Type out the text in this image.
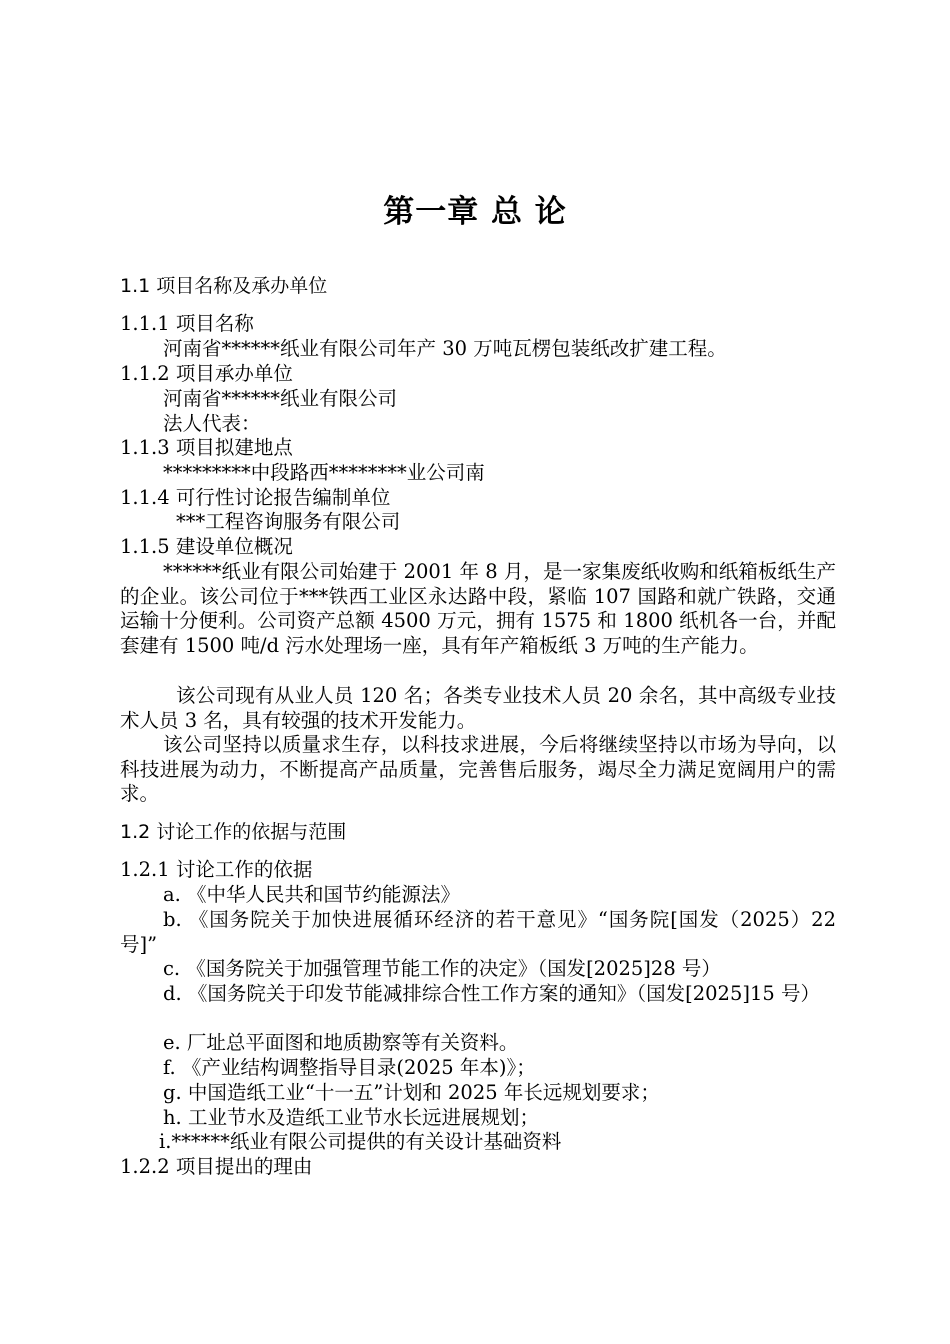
第一章 总 论
1.1 项目名称及承办单位
1.1.1 项目名称
河南省******纸业有限公司年产 30 万吨瓦楞包装纸改扩建工程。
1.1.2 项目承办单位
河南省******纸业有限公司
法人代表：
1.1.3 项目拟建地点
*********中段路西********业公司南
1.1.4 可行性讨论报告编制单位
***工程咨询服务有限公司
1.1.5 建设单位概况
******纸业有限公司始建于 2001 年 8 月，是一家集废纸收购和纸箱板纸生产的企业。该公司位于***铁西工业区永达路中段，紧临 107 国路和就广铁路，交通运输十分便利。公司资产总额 4500 万元，拥有 1575 和 1800 纸机各一台，并配套建有 1500 吨/d 污水处理场一座，具有年产箱板纸 3 万吨的生产能力。
该公司现有从业人员 120 名；各类专业技术人员 20 余名，其中高级专业技术人员 3 名，具有较强的技术开发能力。
该公司坚持以质量求生存，以科技求进展，今后将继续坚持以市场为导向，以科技进展为动力，不断提高产品质量，完善售后服务，竭尽全力满足宽阔用户的需求。
1.2 讨论工作的依据与范围
1.2.1 讨论工作的依据
a. 《中华人民共和国节约能源法》
b. 《国务院关于加快进展循环经济的若干意见》“国务院[国发（2025）22 号]”
c. 《国务院关于加强管理节能工作的决定》（国发[2025]28 号）
d. 《国务院关于印发节能减排综合性工作方案的通知》（国发[2025]15 号）
e. 厂址总平面图和地质勘察等有关资料。
f. 《产业结构调整指导目录(2025 年本)》；
g. 中国造纸工业“十一五”计划和 2025 年长远规划要求；
h. 工业节水及造纸工业节水长远进展规划；
i.******纸业有限公司提供的有关设计基础资料
1.2.2 项目提出的理由
